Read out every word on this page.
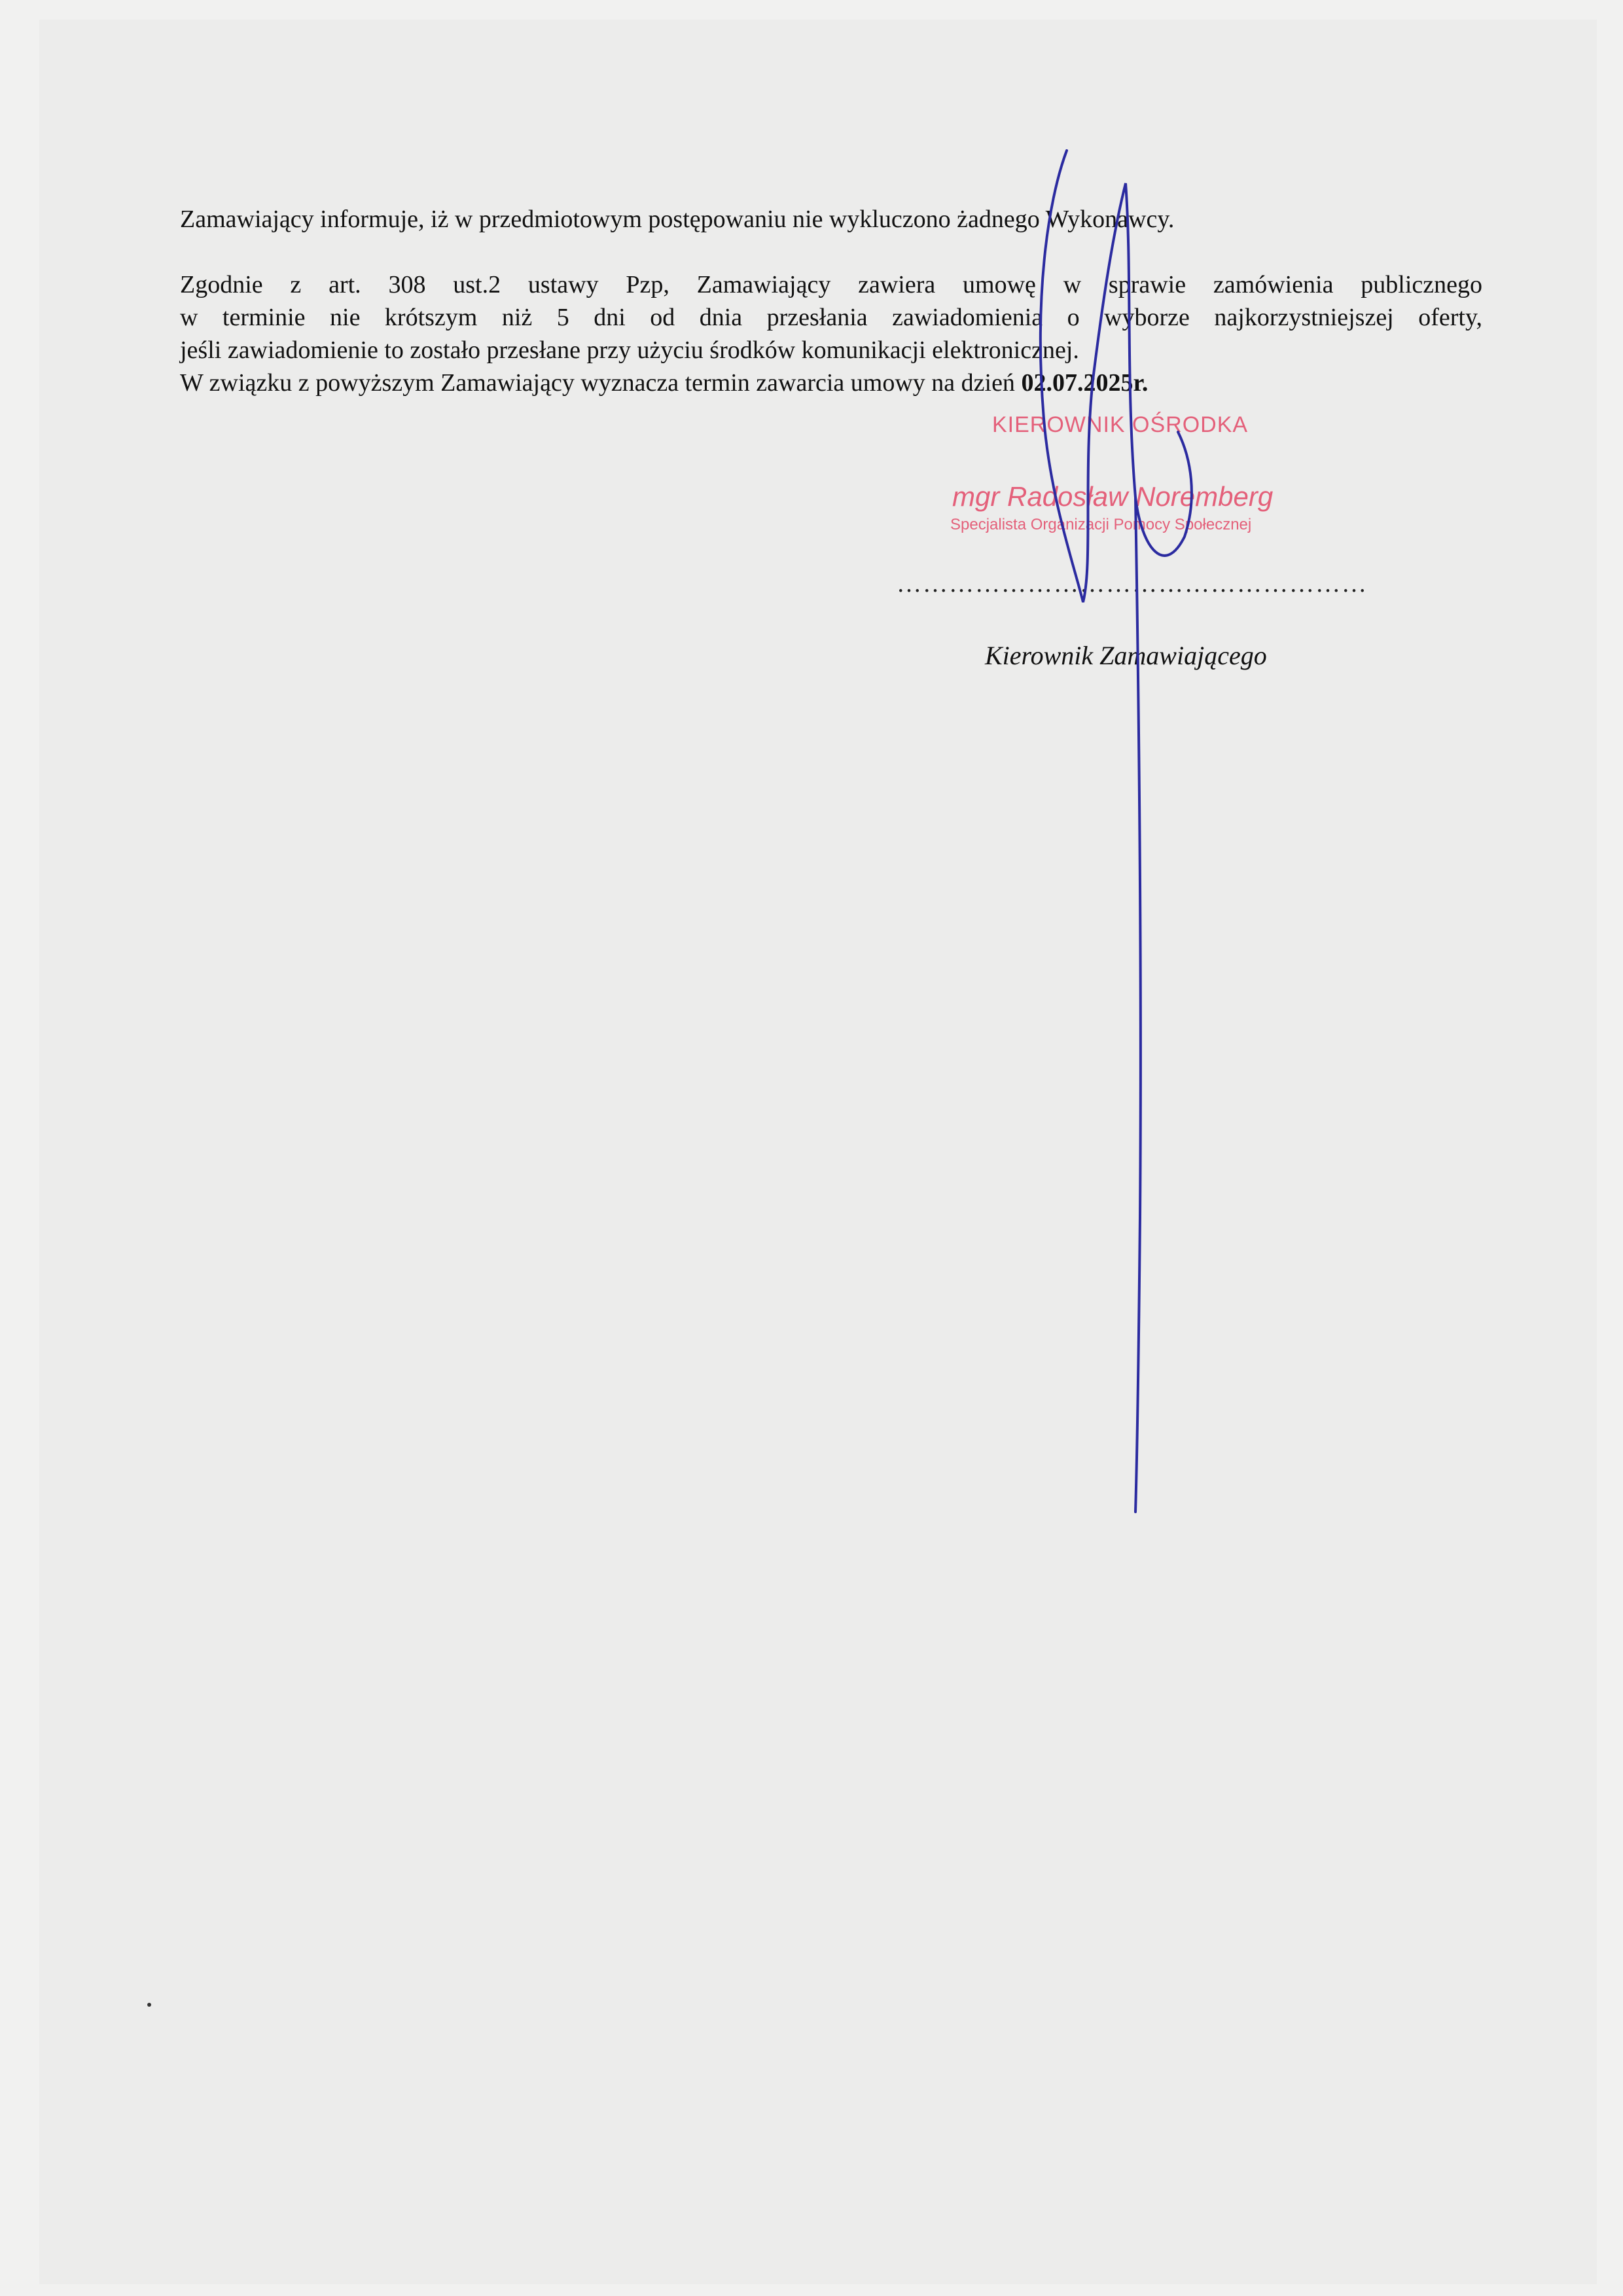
Zamawiający informuje, iż w przedmiotowym postępowaniu nie wykluczono żadnego Wykonawcy.

Zgodnie z art. 308 ust.2 ustawy Pzp, Zamawiający zawiera umowę w sprawie zamówienia publicznego
w terminie nie krótszym niż 5 dni od dnia przesłania zawiadomienia o wyborze najkorzystniejszej oferty,
jeśli zawiadomienie to zostało przesłane przy użyciu środków komunikacji elektronicznej.
W związku z powyższym Zamawiający wyznacza termin zawarcia umowy na dzień 02.07.2025r.
KIEROWNIK OŚRODKA
mgr Radosław Noremberg
Specjalista Organizacji Pomocy Społecznej
………………………………………………
Kierownik Zamawiającego
